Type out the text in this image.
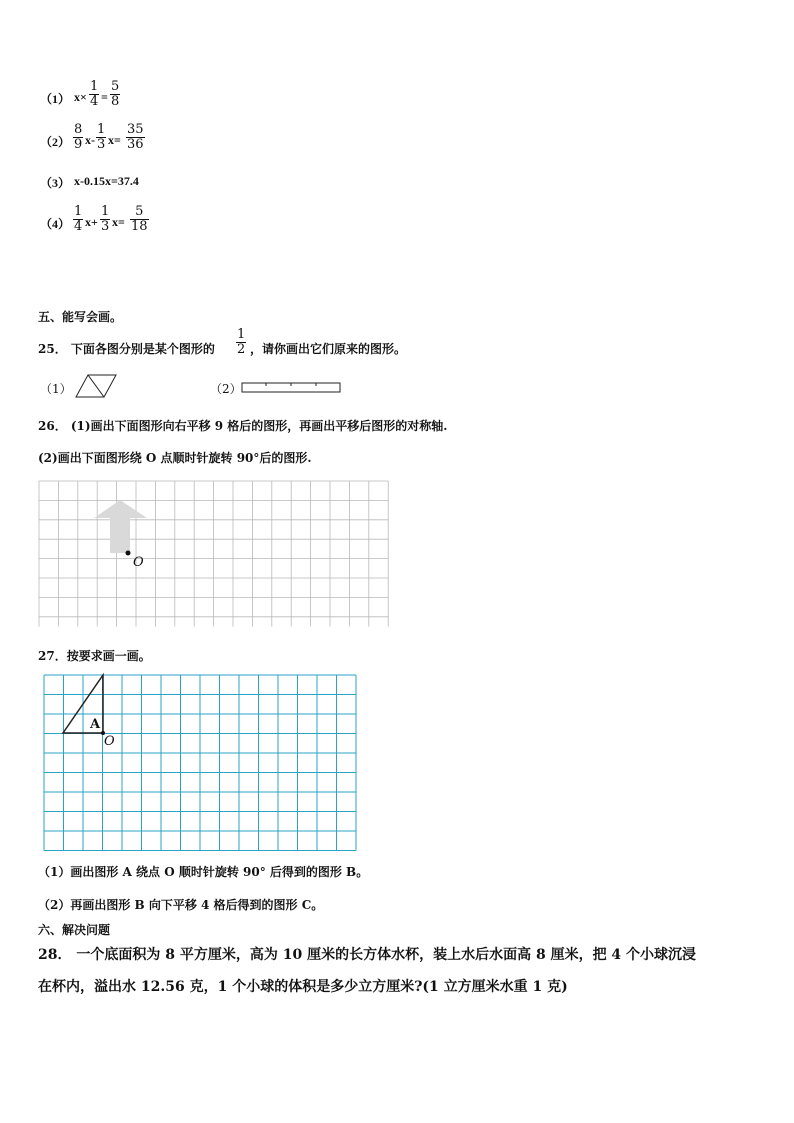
（1） $x\times \frac{1}{4} = \frac{5}{8}$
$(2) \frac{8}{9} x- \frac{1}{3} x= \frac{35}{36}$
（3） x-0.15x=37.4
$(4) \frac{1}{4} x+ \frac{1}{3} x= \frac{5}{18}$
五、能写会画。
25． 下面各图分别是某个图形的 $\frac{1}{2}$ ，请你画出它们原来的图形。
（1）	（2）
26． (1)画出下面图形向右平移 9 格后的图形，再画出平移后图形的对称轴.
(2)画出下面图形绕 O 点顺时针旋转 90°后的图形.
O
27．按要求画一画。
A
O
（1）画出图形 A 绕点 O 顺时针旋转 90° 后得到的图形 B。
（2）再画出图形 B 向下平移 4 格后得到的图形 C。
六、解决问题
28． 一个底面积为 8 平方厘米，高为 10 厘米的长方体水杯，装上水后水面高 8 厘米，把 4 个小球沉浸
在杯内，溢出水 12.56 克，1 个小球的体积是多少立方厘米?(1 立方厘米水重 1 克)
